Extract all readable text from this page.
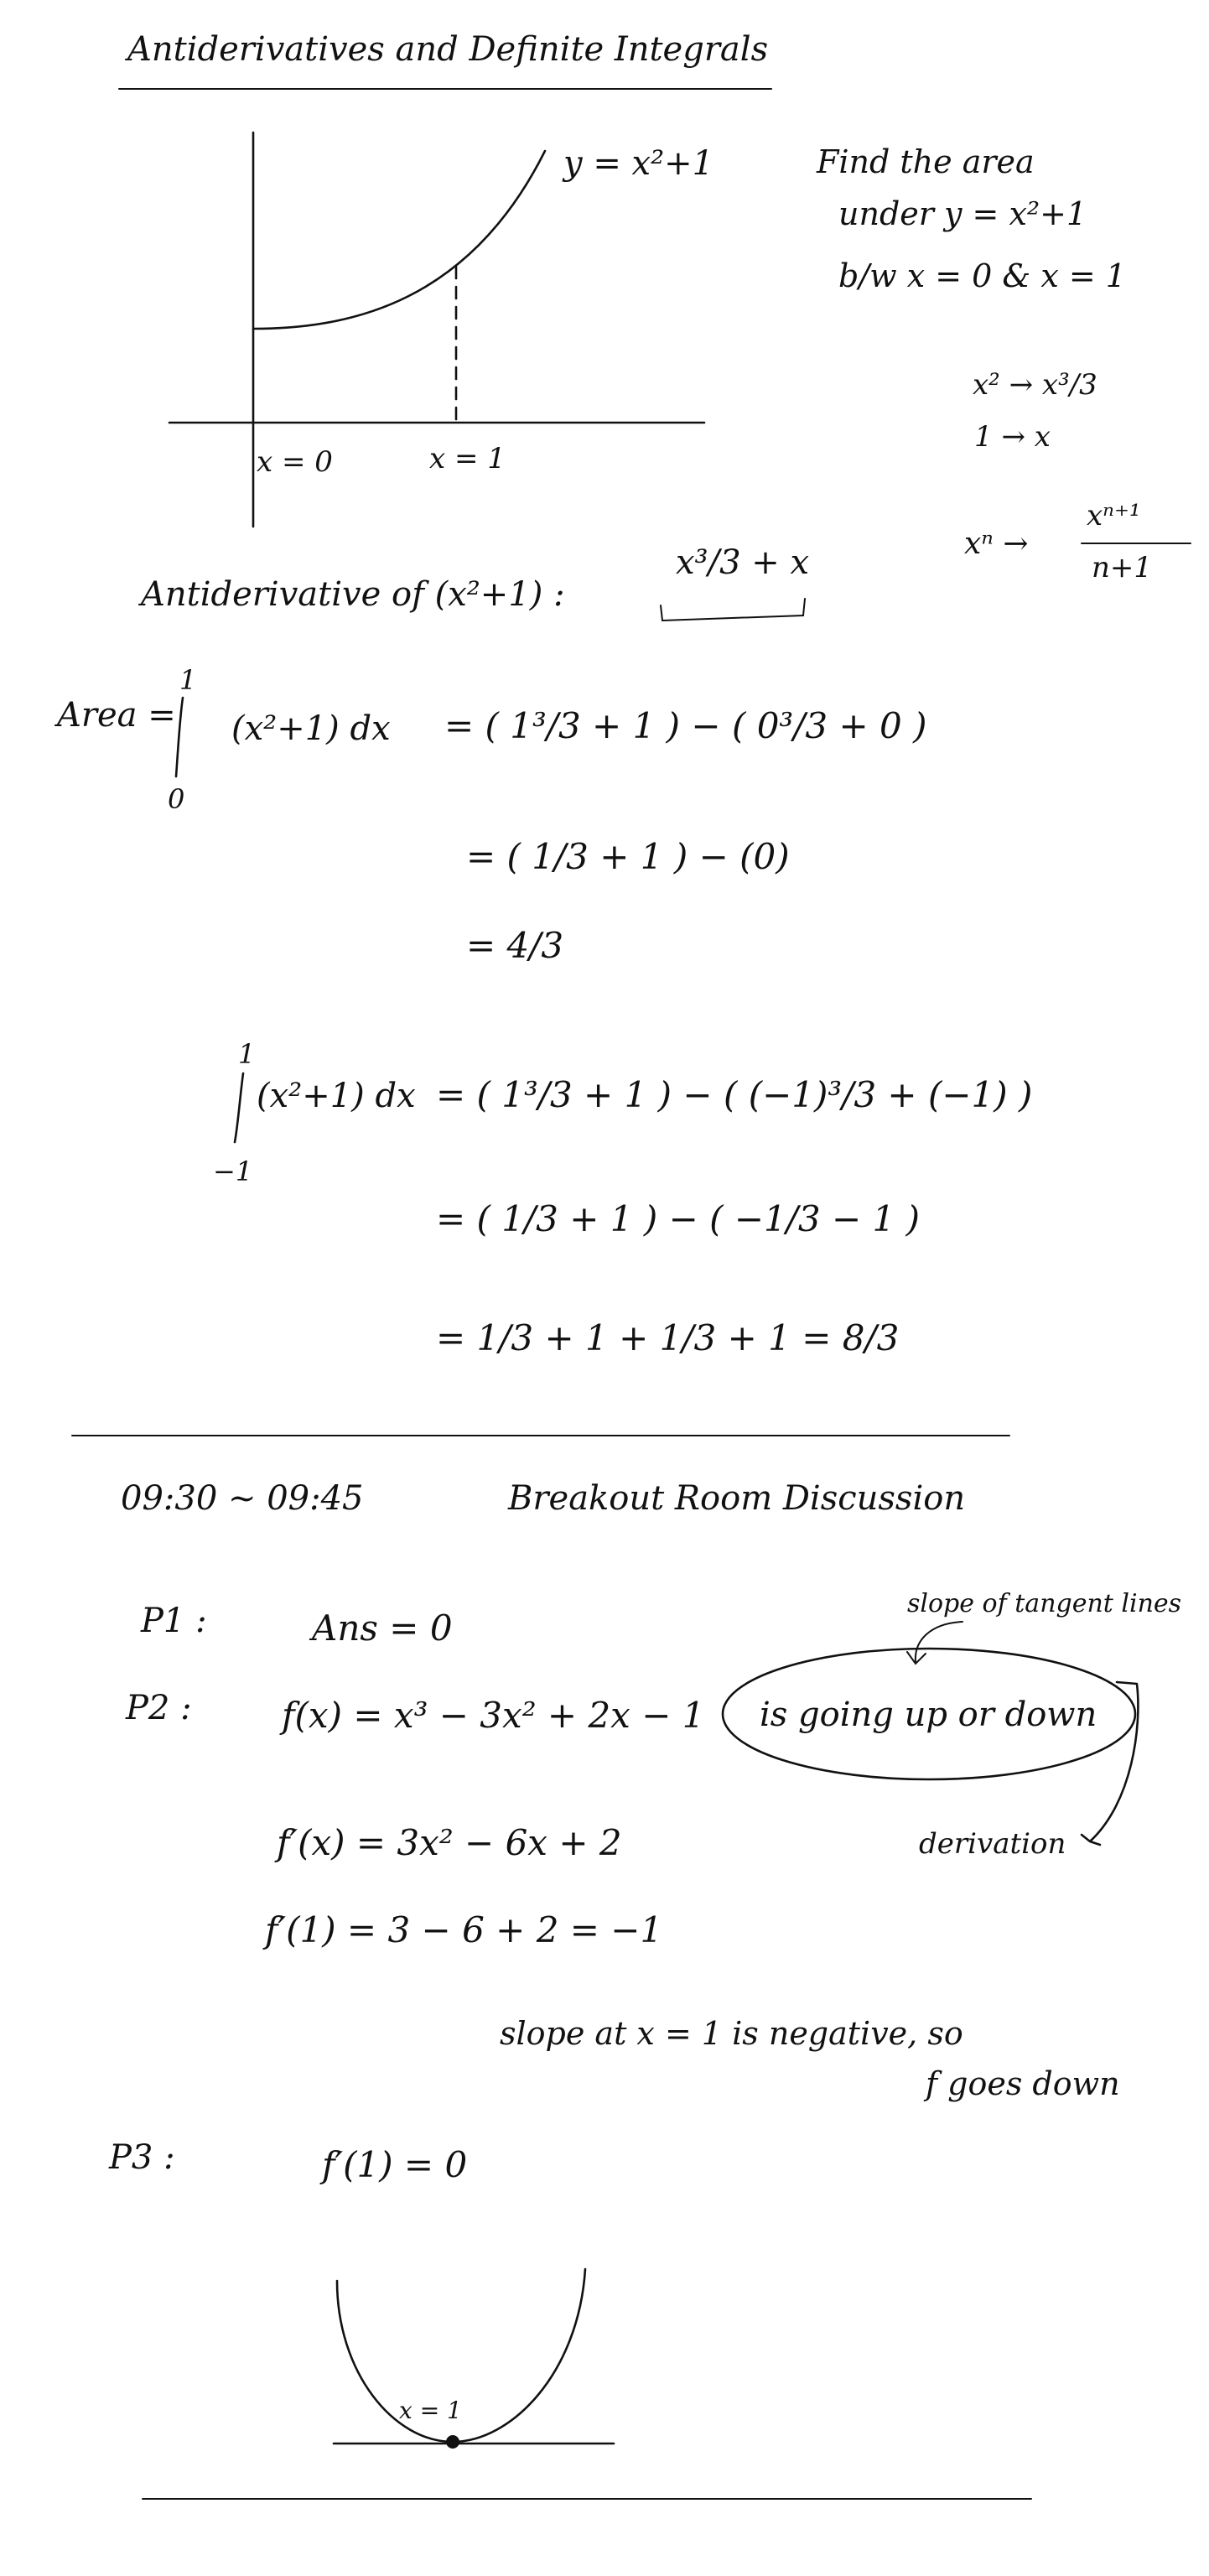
Antiderivatives and Definite Integrals
y = x²+1
x = 0	x = 1
Find the area
under y = x²+1
b/w x = 0 & x = 1
x² → x³/3
1 → x
xⁿ →
xⁿ⁺¹
n+1
Antiderivative of (x²+1) :
x³/3 + x
Area =
1
0
(x²+1) dx = ( 1³/3 + 1 ) − ( 0³/3 + 0 )
= ( 1/3 + 1 ) − (0)
= 4/3
1
−1
(x²+1) dx = ( 1³/3 + 1 ) − ( (−1)³/3 + (−1) )
= ( 1/3 + 1 ) − ( −1/3 − 1 )
= 1/3 + 1 + 1/3 + 1 = 8/3
09:30 ~ 09:45	Breakout Room Discussion
P1 :	Ans = 0
P2 :	f(x) = x³ − 3x² + 2x − 1 is going up or down
slope of tangent lines
derivation
f′(x) = 3x² − 6x + 2
f′(1) = 3 − 6 + 2 = −1
slope at x = 1 is negative, so
f goes down
P3 :	f′(1) = 0
x = 1
